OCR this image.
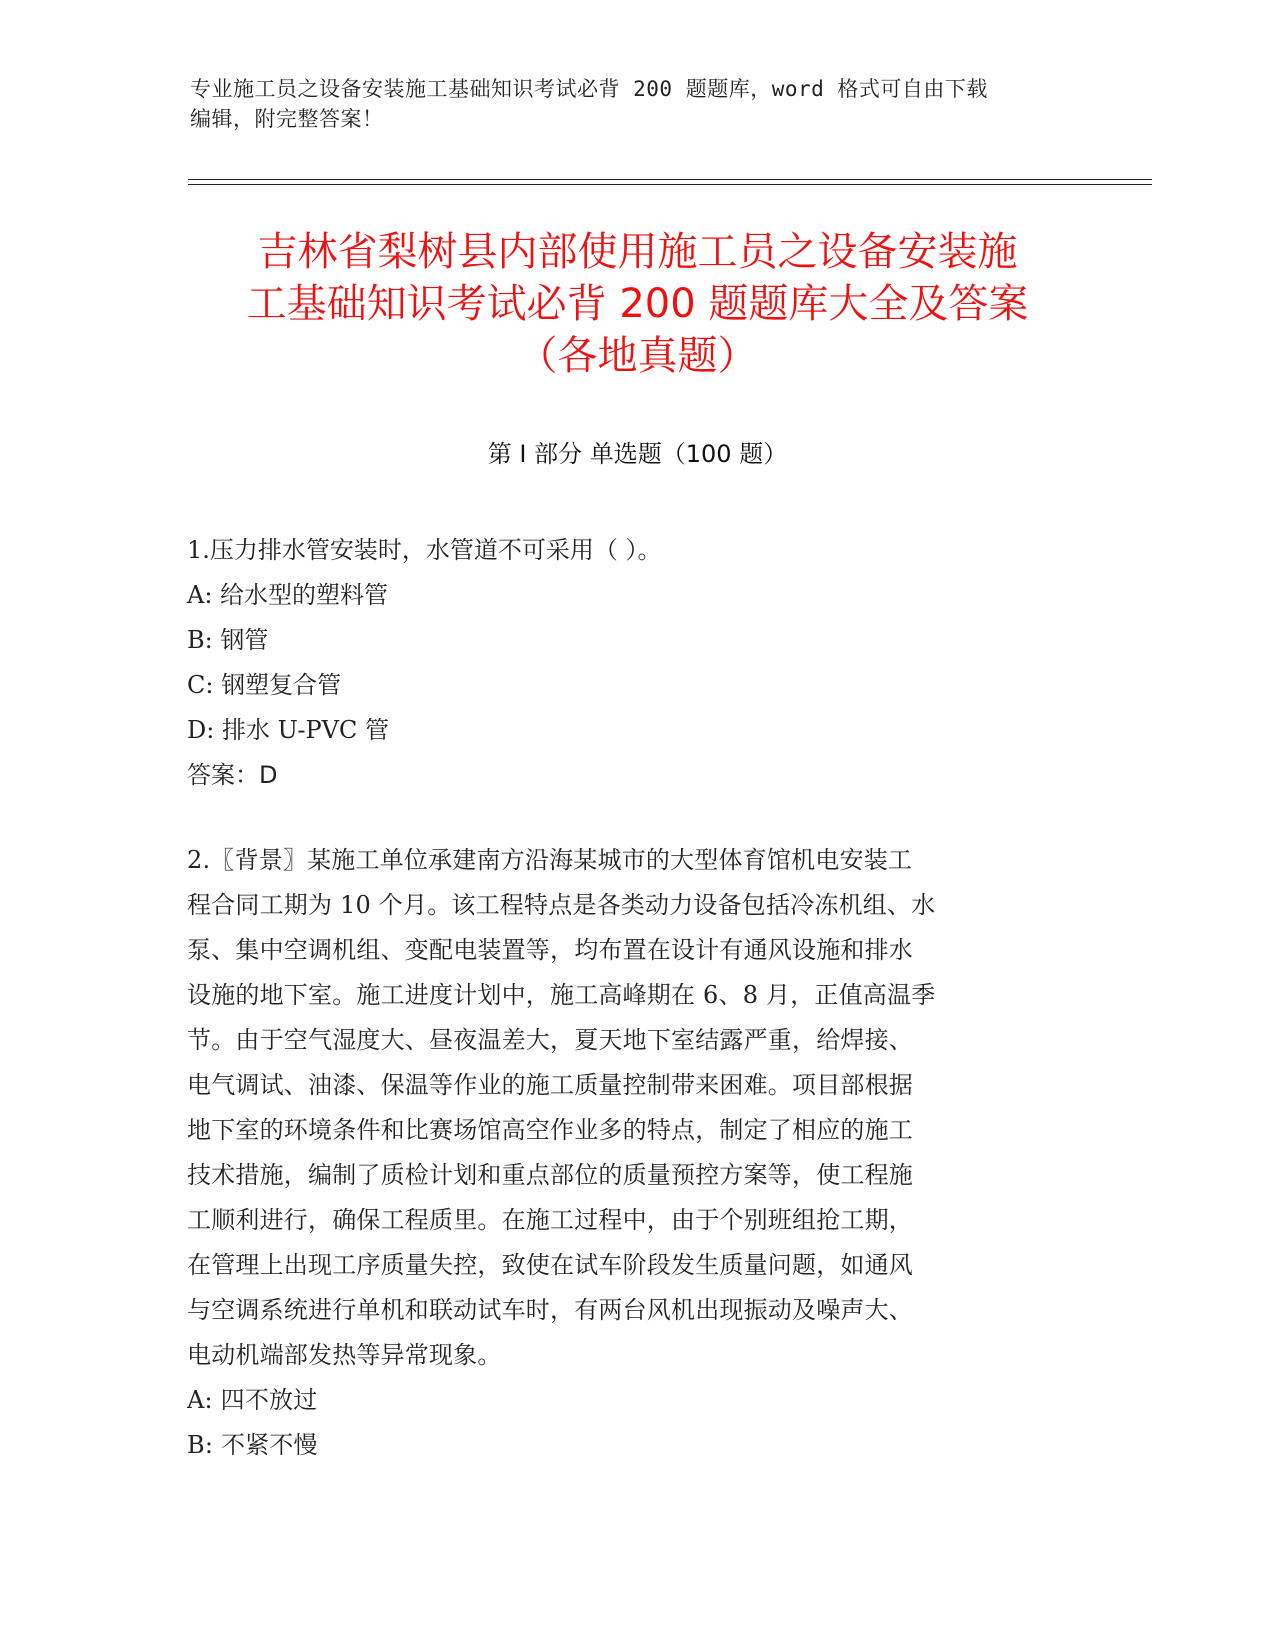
专业施工员之设备安装施工基础知识考试必背 200 题题库，word 格式可自由下载
编辑，附完整答案！
吉林省梨树县内部使用施工员之设备安装施
工基础知识考试必背 200 题题库大全及答案
（各地真题）
第 I 部分 单选题（100 题）
1.压力排水管安装时，水管道不可采用（ ）。
A: 给水型的塑料管
B: 钢管
C: 钢塑复合管
D: 排水 U-PVC 管
答案：D
2.〖背景〗某施工单位承建南方沿海某城市的大型体育馆机电安装工
程合同工期为 10 个月。该工程特点是各类动力设备包括冷冻机组、水
泵、集中空调机组、变配电装置等，均布置在设计有通风设施和排水
设施的地下室。施工进度计划中，施工高峰期在 6、8 月，正值高温季
节。由于空气湿度大、昼夜温差大，夏天地下室结露严重，给焊接、
电气调试、油漆、保温等作业的施工质量控制带来困难。项目部根据
地下室的环境条件和比赛场馆高空作业多的特点，制定了相应的施工
技术措施，编制了质检计划和重点部位的质量预控方案等，使工程施
工顺利进行，确保工程质里。在施工过程中，由于个别班组抢工期，
在管理上出现工序质量失控，致使在试车阶段发生质量问题，如通风
与空调系统进行单机和联动试车时，有两台风机出现振动及噪声大、
电动机端部发热等异常现象。
A: 四不放过
B: 不紧不慢
